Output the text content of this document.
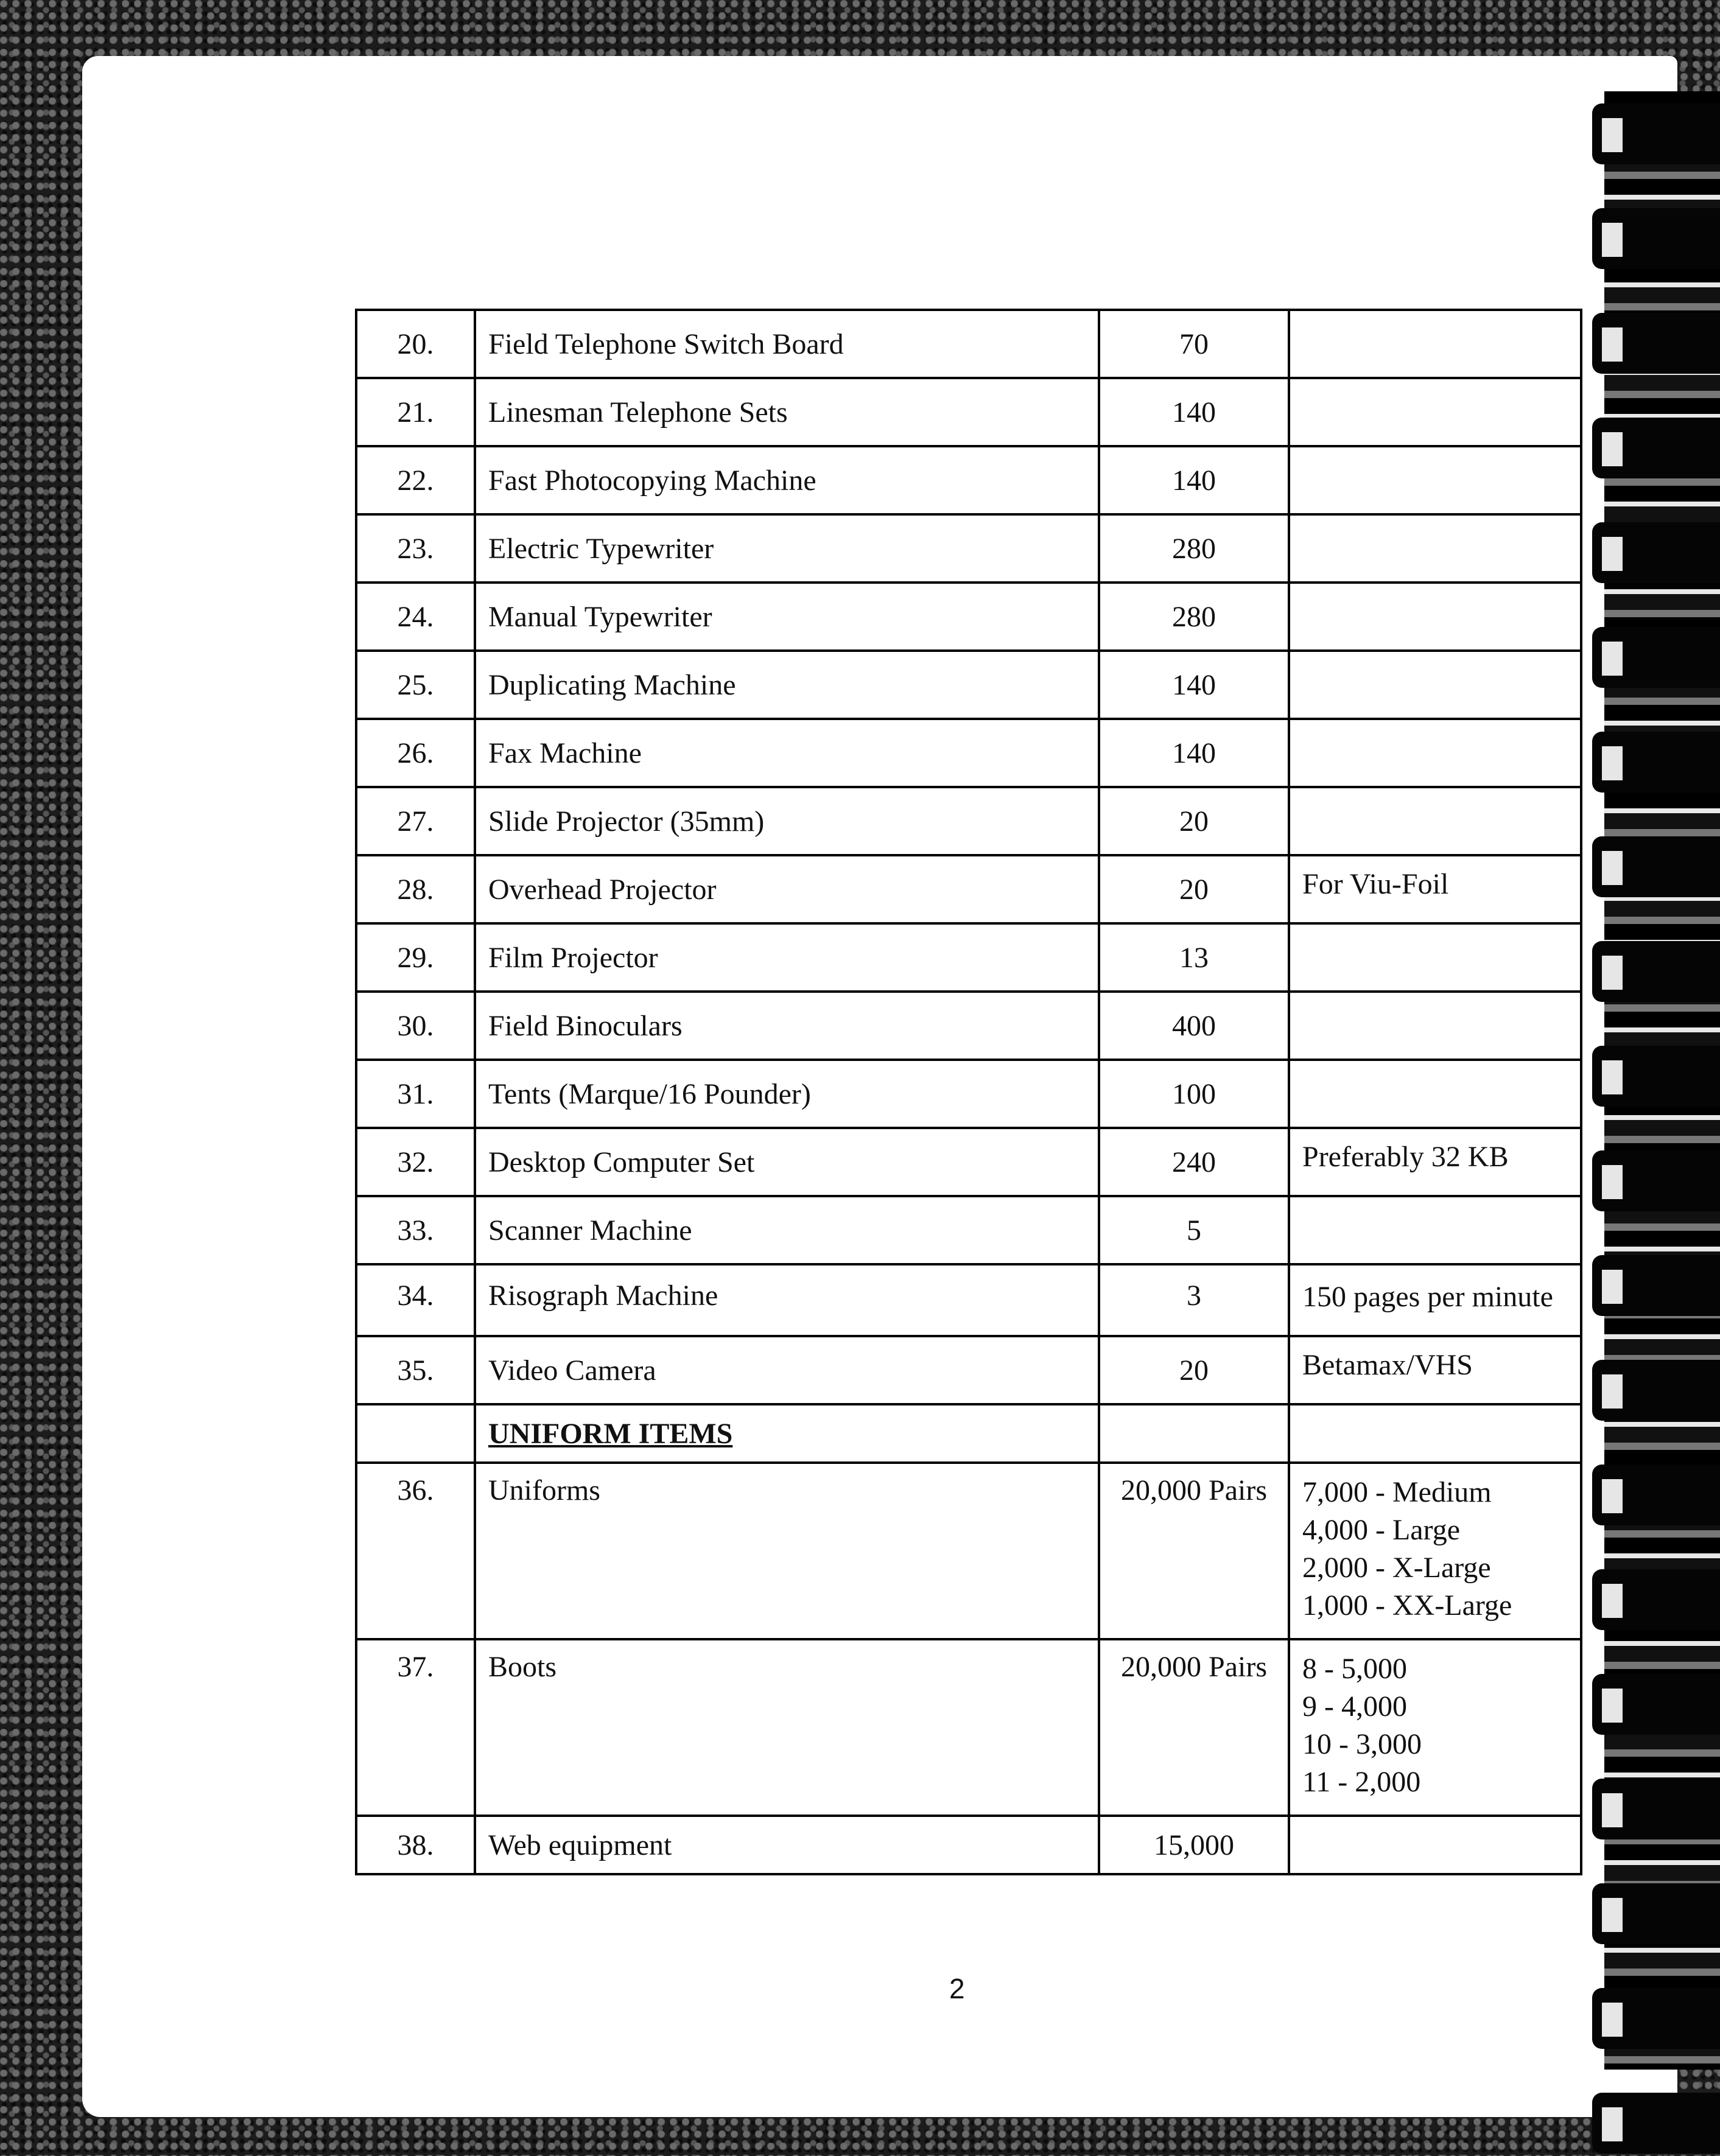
20.	Field Telephone Switch Board	70	
21.	Linesman Telephone Sets	140	
22.	Fast Photocopying Machine	140	
23.	Electric Typewriter	280	
24.	Manual Typewriter	280	
25.	Duplicating Machine	140	
26.	Fax Machine	140	
27.	Slide Projector (35mm)	20	
28.	Overhead Projector	20	For Viu-Foil
29.	Film Projector	13	
30.	Field Binoculars	400	
31.	Tents (Marque/16 Pounder)	100	
32.	Desktop Computer Set	240	Preferably 32 KB
33.	Scanner Machine	5	
34.	Risograph Machine	3	150 pages per minute
35.	Video Camera	20	Betamax/VHS
	UNIFORM ITEMS		
36.	Uniforms	20,000 Pairs	7,000 - Medium
4,000 - Large
2,000 - X-Large
1,000 - XX-Large

37.	Boots	20,000 Pairs	8 - 5,000
9 - 4,000
10 - 3,000
11 - 2,000

38.	Web equipment	15,000	
2
